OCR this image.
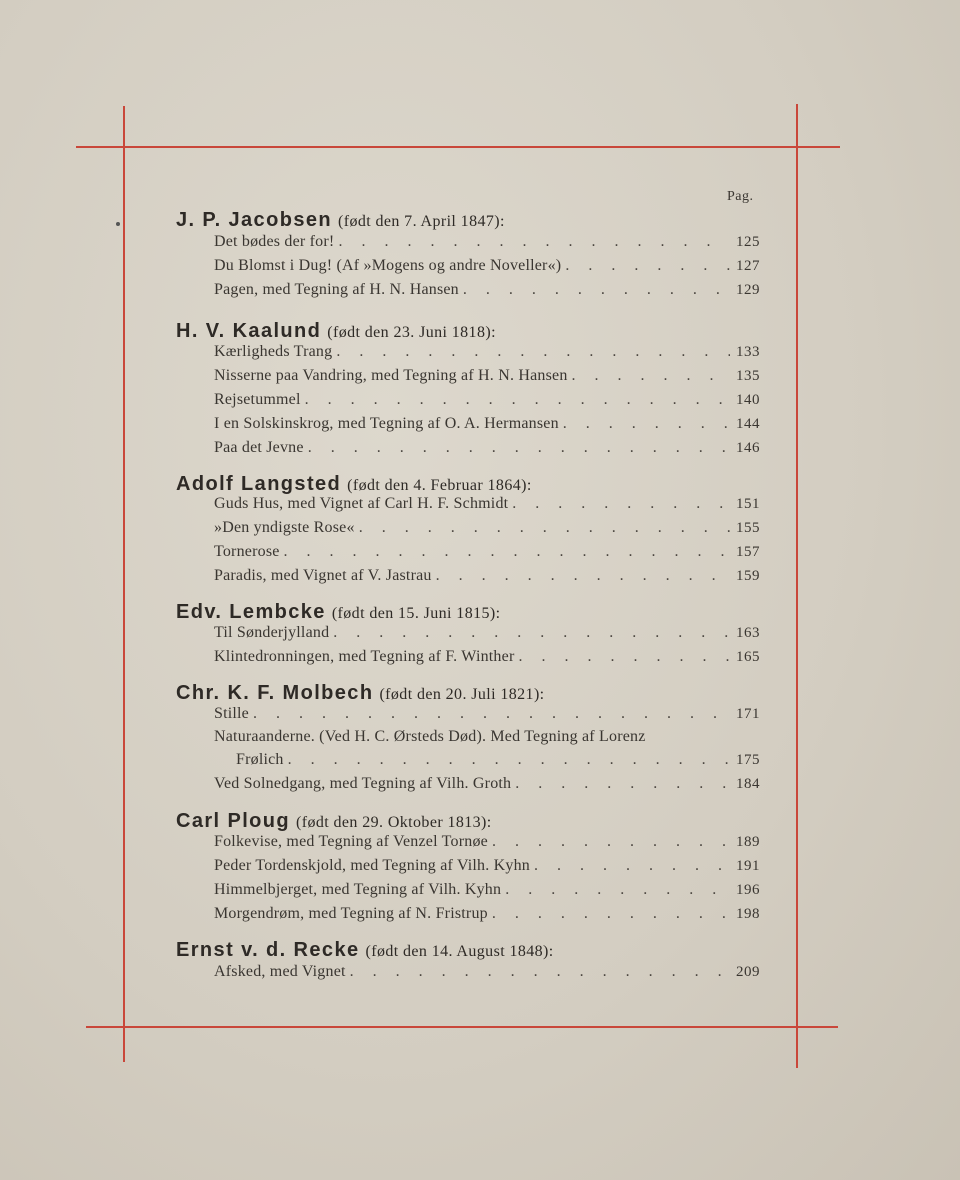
Pag.
J. P. Jacobsen (født den 7. April 1847):
Det bødes der for! . . .	125
Du Blomst i Dug! (Af »Mogens og andre Noveller«) . . .	127
Pagen, med Tegning af H. N. Hansen . . .	129
H. V. Kaalund (født den 23. Juni 1818):
Kærligheds Trang . . .	133
Nisserne paa Vandring, med Tegning af H. N. Hansen . . .	135
Rejsetummel . . .	140
I en Solskinskrog, med Tegning af O. A. Hermansen . . .	144
Paa det Jevne . . .	146
Adolf Langsted (født den 4. Februar 1864):
Guds Hus, med Vignet af Carl H. F. Schmidt . . .	151
»Den yndigste Rose« . . .	155
Tornerose . . .	157
Paradis, med Vignet af V. Jastrau . . .	159
Edv. Lembcke (født den 15. Juni 1815):
Til Sønderjylland . . .	163
Klintedronningen, med Tegning af F. Winther . . .	165
Chr. K. F. Molbech (født den 20. Juli 1821):
Stille . . .	171
Naturaanderne. (Ved H. C. Ørsteds Død). Med Tegning af Lorenz
Frølich . . .	175
Ved Solnedgang, med Tegning af Vilh. Groth . . .	184
Carl Ploug (født den 29. Oktober 1813):
Folkevise, med Tegning af Venzel Tornøe . . .	189
Peder Tordenskjold, med Tegning af Vilh. Kyhn . . .	191
Himmelbjerget, med Tegning af Vilh. Kyhn . . .	196
Morgendrøm, med Tegning af N. Fristrup . . .	198
Ernst v. d. Recke (født den 14. August 1848):
Afsked, med Vignet . . .	209
